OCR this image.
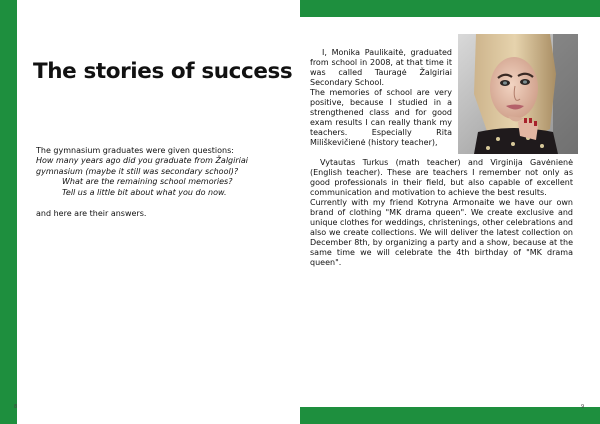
8	9
The stories of success

The gymnasium graduates were given questions:

How many years ago did you graduate from Žalgiriai

gymnasium (maybe it still was secondary school)?

What are the remaining school memories?

Tell us a little bit about what you do now.

and here are their answers.

I, Monika Paulikaitė, graduated from school in 2008, at that time it was called Tauragė Žalgiriai Secondary School.

The memories of school are very positive, because I studied in a strengthened class and for good exam results I can really thank my teachers. Especially Rita Miliškevičienė (history teacher),

Vytautas Turkus (math teacher) and Virginija Gavėnienė (English teacher). These are teachers I remember not only as good professionals in their field, but also capable of excellent communication and motivation to achieve the best results.

Currently with my friend Kotryna Armonaite we have our own brand of clothing "MK drama queen". We create exclusive and unique clothes for weddings, christenings, other celebrations and also we create collections. We will deliver the latest collection on December 8th, by organizing a party and a show, because at the same time we will celebrate the 4th birthday of "MK drama queen".
